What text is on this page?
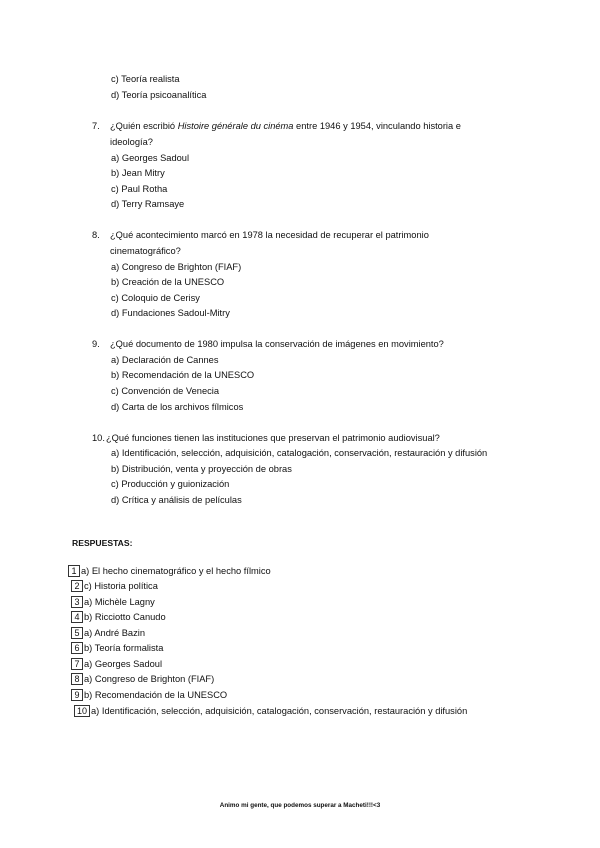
c) Teoría realista
d) Teoría psicoanalítica
7. ¿Quién escribió Histoire générale du cinéma entre 1946 y 1954, vinculando historia e
ideología?
a) Georges Sadoul
b) Jean Mitry
c) Paul Rotha
d) Terry Ramsaye
8. ¿Qué acontecimiento marcó en 1978 la necesidad de recuperar el patrimonio
cinematográfico?
a) Congreso de Brighton (FIAF)
b) Creación de la UNESCO
c) Coloquio de Cerisy
d) Fundaciones Sadoul-Mitry
9. ¿Qué documento de 1980 impulsa la conservación de imágenes en movimiento?
a) Declaración de Cannes
b) Recomendación de la UNESCO
c) Convención de Venecia
d) Carta de los archivos fílmicos
10. ¿Qué funciones tienen las instituciones que preservan el patrimonio audiovisual?
a) Identificación, selección, adquisición, catalogación, conservación, restauración y difusión
b) Distribución, venta y proyección de obras
c) Producción y guionización
d) Crítica y análisis de películas
RESPUESTAS:
1 a) El hecho cinematográfico y el hecho fílmico
2 c) Historia política
3 a) Michèle Lagny
4 b) Ricciotto Canudo
5 a) André Bazin
6 b) Teoría formalista
7 a) Georges Sadoul
8 a) Congreso de Brighton (FIAF)
9 b) Recomendación de la UNESCO
10 a) Identificación, selección, adquisición, catalogación, conservación, restauración y difusión
Animo mi gente, que podemos superar a Macheti!!!<3
